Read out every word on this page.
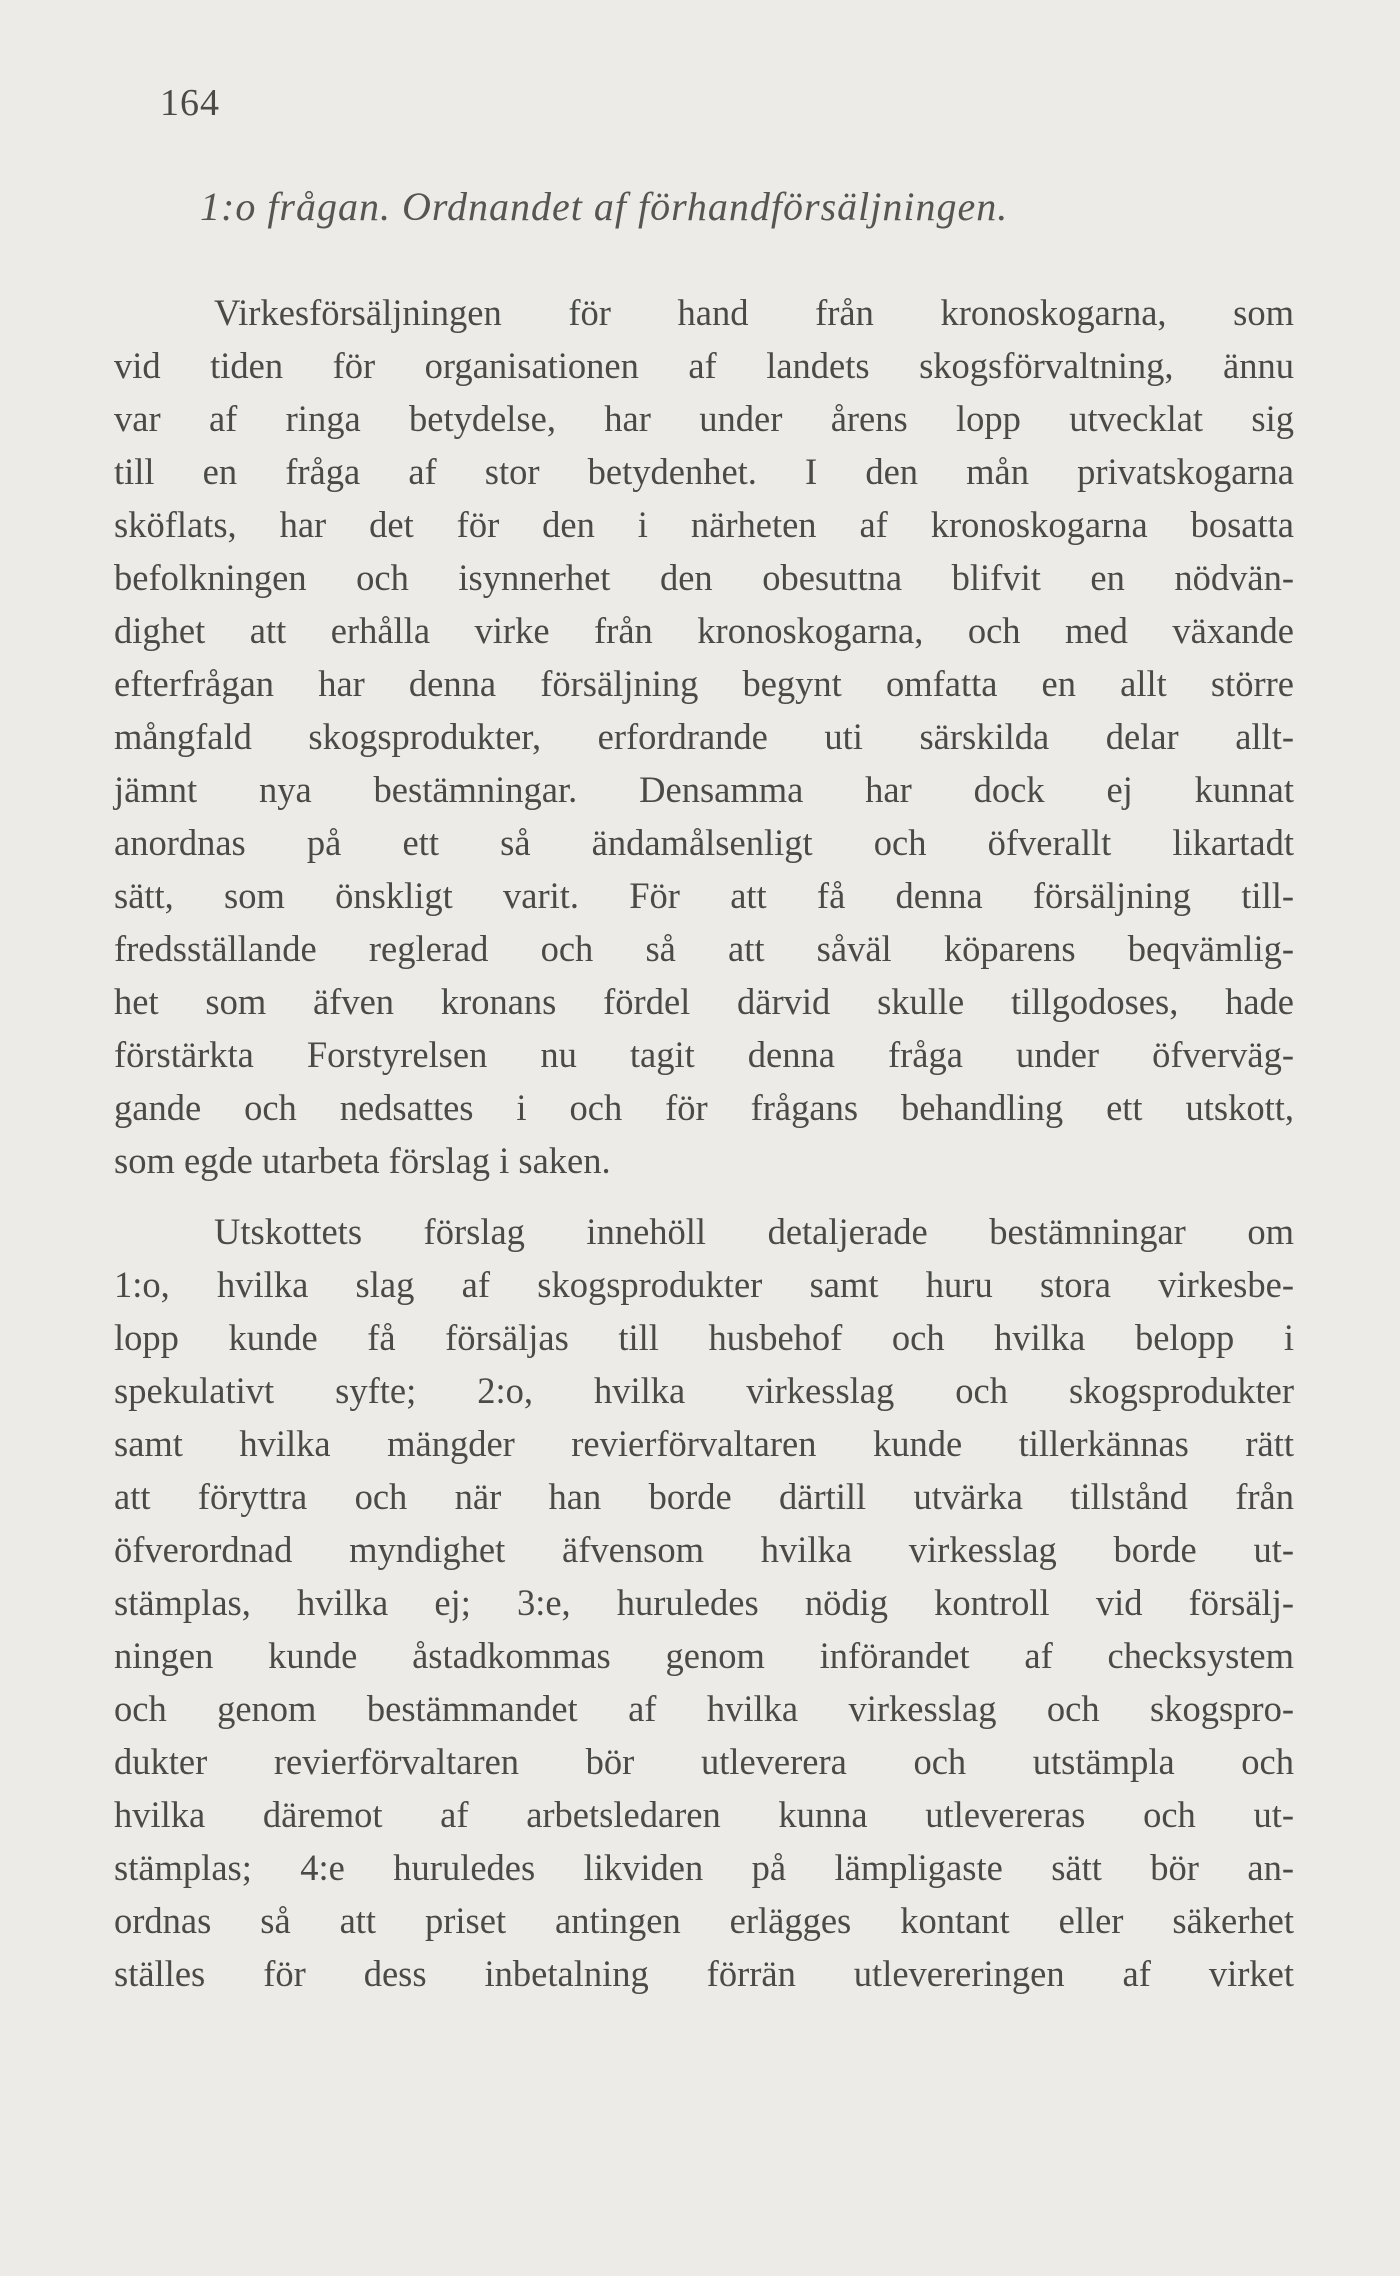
164
1:o frågan. Ordnandet af förhandförsäljningen.
Virkesförsäljningen för hand från kronoskogarna, som
vid tiden för organisationen af landets skogsförvaltning, ännu
var af ringa betydelse, har under årens lopp utvecklat sig
till en fråga af stor betydenhet. I den mån privatskogarna
sköflats, har det för den i närheten af kronoskogarna bosatta
befolkningen och isynnerhet den obesuttna blifvit en nödvän-
dighet att erhålla virke från kronoskogarna, och med växande
efterfrågan har denna försäljning begynt omfatta en allt större
mångfald skogsprodukter, erfordrande uti särskilda delar allt-
jämnt nya bestämningar. Densamma har dock ej kunnat
anordnas på ett så ändamålsenligt och öfverallt likartadt
sätt, som önskligt varit. För att få denna försäljning till-
fredsställande reglerad och så att såväl köparens beqvämlig-
het som äfven kronans fördel därvid skulle tillgodoses, hade
förstärkta Forstyrelsen nu tagit denna fråga under öfverväg-
gande och nedsattes i och för frågans behandling ett utskott,
som egde utarbeta förslag i saken.
Utskottets förslag innehöll detaljerade bestämningar om
1:o, hvilka slag af skogsprodukter samt huru stora virkesbe-
lopp kunde få försäljas till husbehof och hvilka belopp i
spekulativt syfte; 2:o, hvilka virkesslag och skogsprodukter
samt hvilka mängder revierförvaltaren kunde tillerkännas rätt
att föryttra och när han borde därtill utvärka tillstånd från
öfverordnad myndighet äfvensom hvilka virkesslag borde ut-
stämplas, hvilka ej; 3:e, huruledes nödig kontroll vid försälj-
ningen kunde åstadkommas genom införandet af checksystem
och genom bestämmandet af hvilka virkesslag och skogspro-
dukter revierförvaltaren bör utleverera och utstämpla och
hvilka däremot af arbetsledaren kunna utlevereras och ut-
stämplas; 4:e huruledes likviden på lämpligaste sätt bör an-
ordnas så att priset antingen erlägges kontant eller säkerhet
ställes för dess inbetalning förrän utlevereringen af virket
